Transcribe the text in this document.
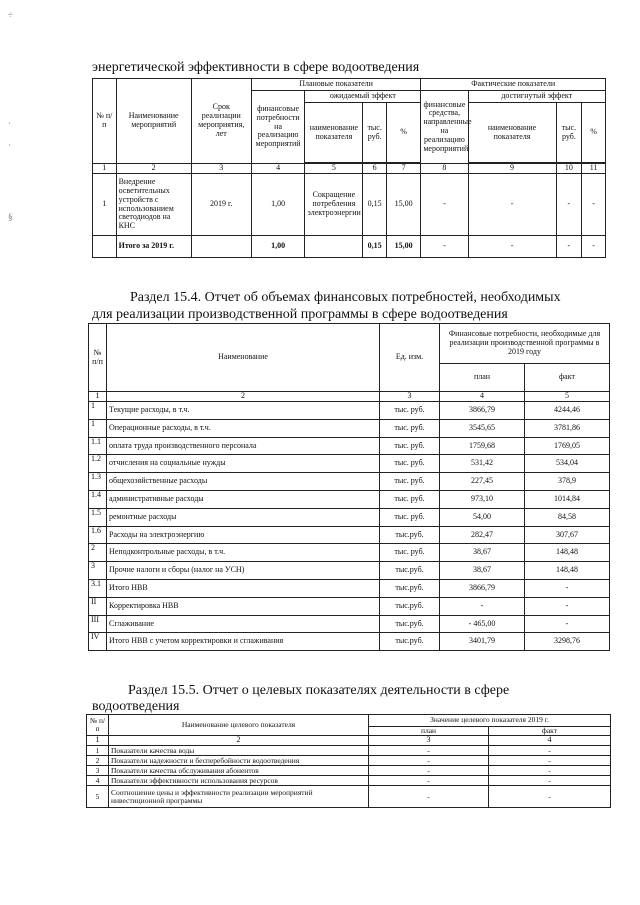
÷
·
·
§
энергетической эффективности в сфере водоотведения
№ п/п	Наименование мероприятий	Срок реализации мероприятия, лет	Плановые показатели				Фактические показатели			
			финансовые потребности на реализацию мероприятий	ожидаемый эффект			финансовые средства, направленные на реализацию мероприятий	достигнутый эффект		
				наименование показателя	тыс. руб.	%		наименование показателя	тыс. руб.	%

1	2	3	4	5	6	7	8	9	10	11
1	Внедрение осветительных устройств с использованием светодиодов на КНС	2019 г.	1,00	Сокращение потребления электроэнергии	0,15	15,00	-	-	-	-
	Итого за 2019 г.		1,00		0,15	15,00	-	-	-	-
Раздел 15.4. Отчет об объемах финансовых потребностей, необходимых
для реализации производственной программы в сфере водоотведения
№ п/п	Наименование	Ед. изм.	Финансовые потребности, необходимые для реализации производственной программы в 2019 году	
			план	факт
1	2	3	4	5
1	Текущие расходы, в т.ч.	тыс. руб.	3866,79	4244,46
1	Операционные расходы, в т.ч.	тыс. руб.	3545,65	3781,86
1.1	оплата труда производственного персонала	тыс. руб.	1759,68	1769,05
1.2	отчисления на социальные нужды	тыс. руб.	531,42	534,04
1.3	общехозяйственные расходы	тыс. руб.	227,45	378,9
1.4	административные расходы	тыс. руб.	973,10	1014,84
1.5	ремонтные расходы	тыс. руб.	54,00	84,58
1.6	Расходы на электроэнергию	тыс.руб.	282,47	307,67
2	Неподконтрольные расходы, в т.ч.	тыс. руб.	38,67	148,48
3	Прочие налоги и сборы (налог на УСН)	тыс.руб.	38,67	148,48
3.1	Итого НВВ	тыс.руб.	3866,79	-
II	Корректировка НВВ	тыс.руб.	-	-
III	Сглаживание	тыс.руб.	- 465,00	-
IV	Итого НВВ с учетом корректировки и сглаживания	тыс.руб.	3401,79	3298,76
Раздел 15.5. Отчет о целевых показателях деятельности в сфере
водоотведения
№ п/п	Наименование целевого показателя	Значение целевого показателя 2019 г.	
		план	факт
1	2	3	4
1	Показатели качества воды	-	-
2	Показатели надежности и бесперебойности водоотведения	-	-
3	Показатели качества обслуживания абонентов	-	-
4	Показатели эффективности использования ресурсов	-	-
5	Соотношение цены и эффективности реализации мероприятий инвестиционной программы	-	-
